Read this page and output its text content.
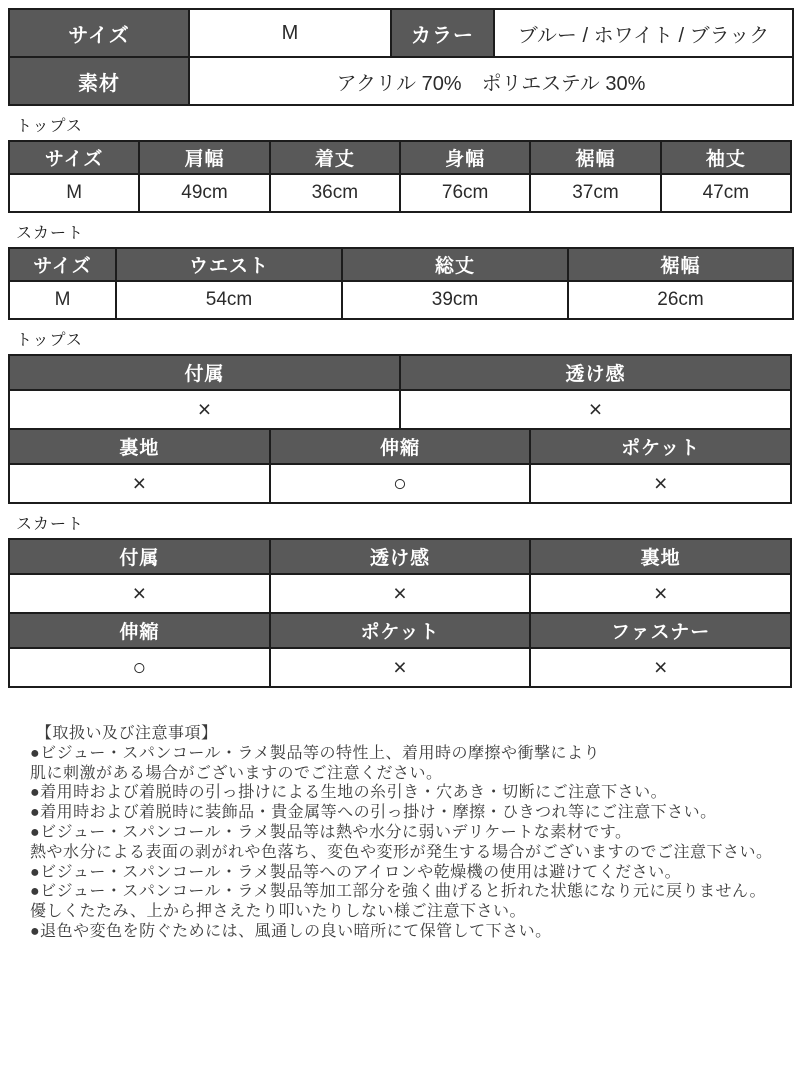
サイズ	M	カラー	ブルー / ホワイト / ブラック
素材	アクリル 70%　ポリエステル 30%		
トップス
サイズ	肩幅	着丈	身幅	裾幅	袖丈
M	49cm	36cm	76cm	37cm	47cm
スカート
サイズ	ウエスト	総丈	裾幅
M	54cm	39cm	26cm
トップス
付属		透け感	
×		×	
裏地	伸縮		ポケット
×	○		×
スカート
付属	透け感	裏地
×	×	×
伸縮	ポケット	ファスナー
○	×	×
【取扱い及び注意事項】
●ビジュー・スパンコール・ラメ製品等の特性上、着用時の摩擦や衝撃により
肌に刺激がある場合がございますのでご注意ください。
●着用時および着脱時の引っ掛けによる生地の糸引き・穴あき・切断にご注意下さい。
●着用時および着脱時に装飾品・貴金属等への引っ掛け・摩擦・ひきつれ等にご注意下さい。
●ビジュー・スパンコール・ラメ製品等は熱や水分に弱いデリケートな素材です。
熱や水分による表面の剥がれや色落ち、変色や変形が発生する場合がございますのでご注意下さい。
●ビジュー・スパンコール・ラメ製品等へのアイロンや乾燥機の使用は避けてください。
●ビジュー・スパンコール・ラメ製品等加工部分を強く曲げると折れた状態になり元に戻りません。
優しくたたみ、上から押さえたり叩いたりしない様ご注意下さい。
●退色や変色を防ぐためには、風通しの良い暗所にて保管して下さい。
